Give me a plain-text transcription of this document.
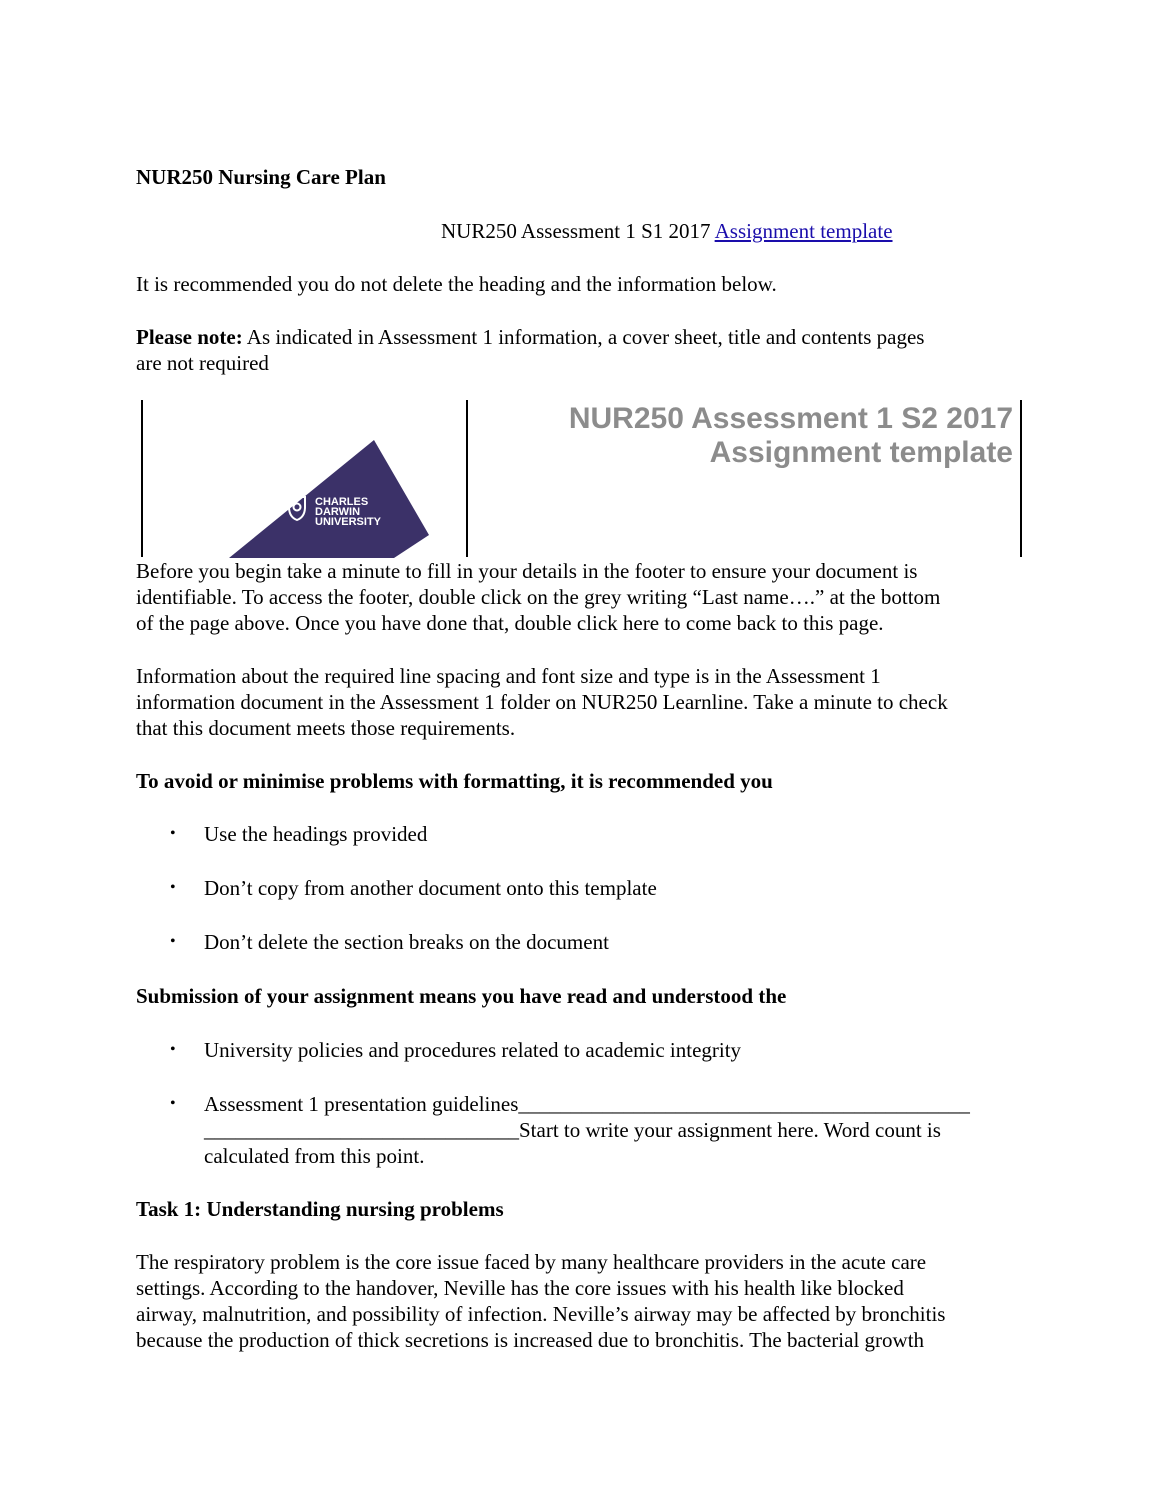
NUR250 Nursing Care Plan
NUR250 Assessment 1 S1 2017 Assignment template
It is recommended you do not delete the heading and the information below.
Please note: As indicated in Assessment 1 information, a cover sheet, title and contents pages
are not required
CHARLES
DARWIN
UNIVERSITY
NUR250 Assessment 1 S2 2017
Assignment template
Before you begin take a minute to fill in your details in the footer to ensure your document is
identifiable. To access the footer, double click on the grey writing “Last name….” at the bottom
of the page above. Once you have done that, double click here to come back to this page.
Information about the required line spacing and font size and type is in the Assessment 1
information document in the Assessment 1 folder on NUR250 Learnline. Take a minute to check
that this document meets those requirements.
To avoid or minimise problems with formatting, it is recommended you
• Use the headings provided
• Don’t copy from another document onto this template
• Don’t delete the section breaks on the document
Submission of your assignment means you have read and understood the
• University policies and procedures related to academic integrity
• Assessment 1 presentation guidelines___________________________________________
______________________________Start to write your assignment here. Word count is
calculated from this point.
Task 1: Understanding nursing problems
The respiratory problem is the core issue faced by many healthcare providers in the acute care
settings. According to the handover, Neville has the core issues with his health like blocked
airway, malnutrition, and possibility of infection. Neville’s airway may be affected by bronchitis
because the production of thick secretions is increased due to bronchitis. The bacterial growth
